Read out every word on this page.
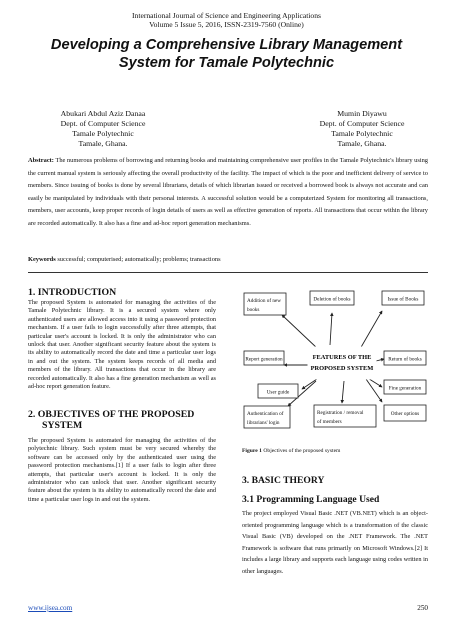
International Journal of Science and Engineering Applications
Volume 5 Issue 5, 2016, ISSN-2319-7560 (Online)
Developing a Comprehensive Library Management
System for Tamale Polytechnic
Abukari Abdul Aziz Danaa
Dept. of Computer Science
Tamale Polytechnic
Tamale, Ghana.
Mumin Diyawu
Dept. of Computer Science
Tamale Polytechnic
Tamale, Ghana.
Abstract: The numerous problems of borrowing and returning books and maintaining comprehensive user profiles in the Tamale Polytechnic's library using the current manual system is seriously affecting the overall productivity of the facility. The impact of which is the poor and inefficient delivery of service to members. Since issuing of books is done by several librarians, details of which librarian issued or received a borrowed book is always not accurate and can easily be manipulated by individuals with their personal interests. A successful solution would be a computerized System for monitoring all transactions, members, user accounts, keep proper records of login details of users as well as effective generation of reports. All transactions that occur within the library are recorded automatically. It also has a fine and ad-hoc report generation mechanisms.
Keywords successful; computerised; automatically; problems; transactions
1. INTRODUCTION
The proposed System is automated for managing the activities of the Tamale Polytechnic library. It is a secured system where only authenticated users are allowed access into it using a password protection mechanism. If a user fails to login successfully after three attempts, that particular user's account is locked. It is only the administrator who can unlock that user. Another significant security feature about the system is its ability to automatically record the date and time a particular user logs in and out the system. The system keeps records of all media and members of the library. All transactions that occur in the library are recorded automatically. It also has a fine generation mechanism as well as ad-hoc report generation feature.
2. OBJECTIVES OF THE PROPOSED
SYSTEM
The proposed System is automated for managing the activities of the polytechnic library. Such system must be very secured whereby the software can be accessed only by the authenticated user using the password protection mechanisms.[1] If a user fails to login after three attempts, that particular user's account is locked. It is only the administrator who can unlock that user. Another significant security feature about the system is its ability to automatically record the date and time a particular user logs in and out the system.
FEATURES OF THE
PROPOSED SYSTEM
Addition of new
books
Deletion of books	Issue of Books
Report generation	Return of books
User guide
Fine generation
Authentication of
librarians' login
Registration / removal
of members
Other options
Figure 1 Objectives of the proposed system
3. BASIC THEORY
3.1 Programming Language Used
The project employed Visual Basic .NET (VB.NET) which is an object-oriented programming language which is a transformation of the classic Visual Basic (VB) developed on the .NET Framework. The .NET Framework is software that runs primarily on Microsoft Windows.[2] It includes a large library and supports each language using codes written in other languages.
www.ijsea.com	250
